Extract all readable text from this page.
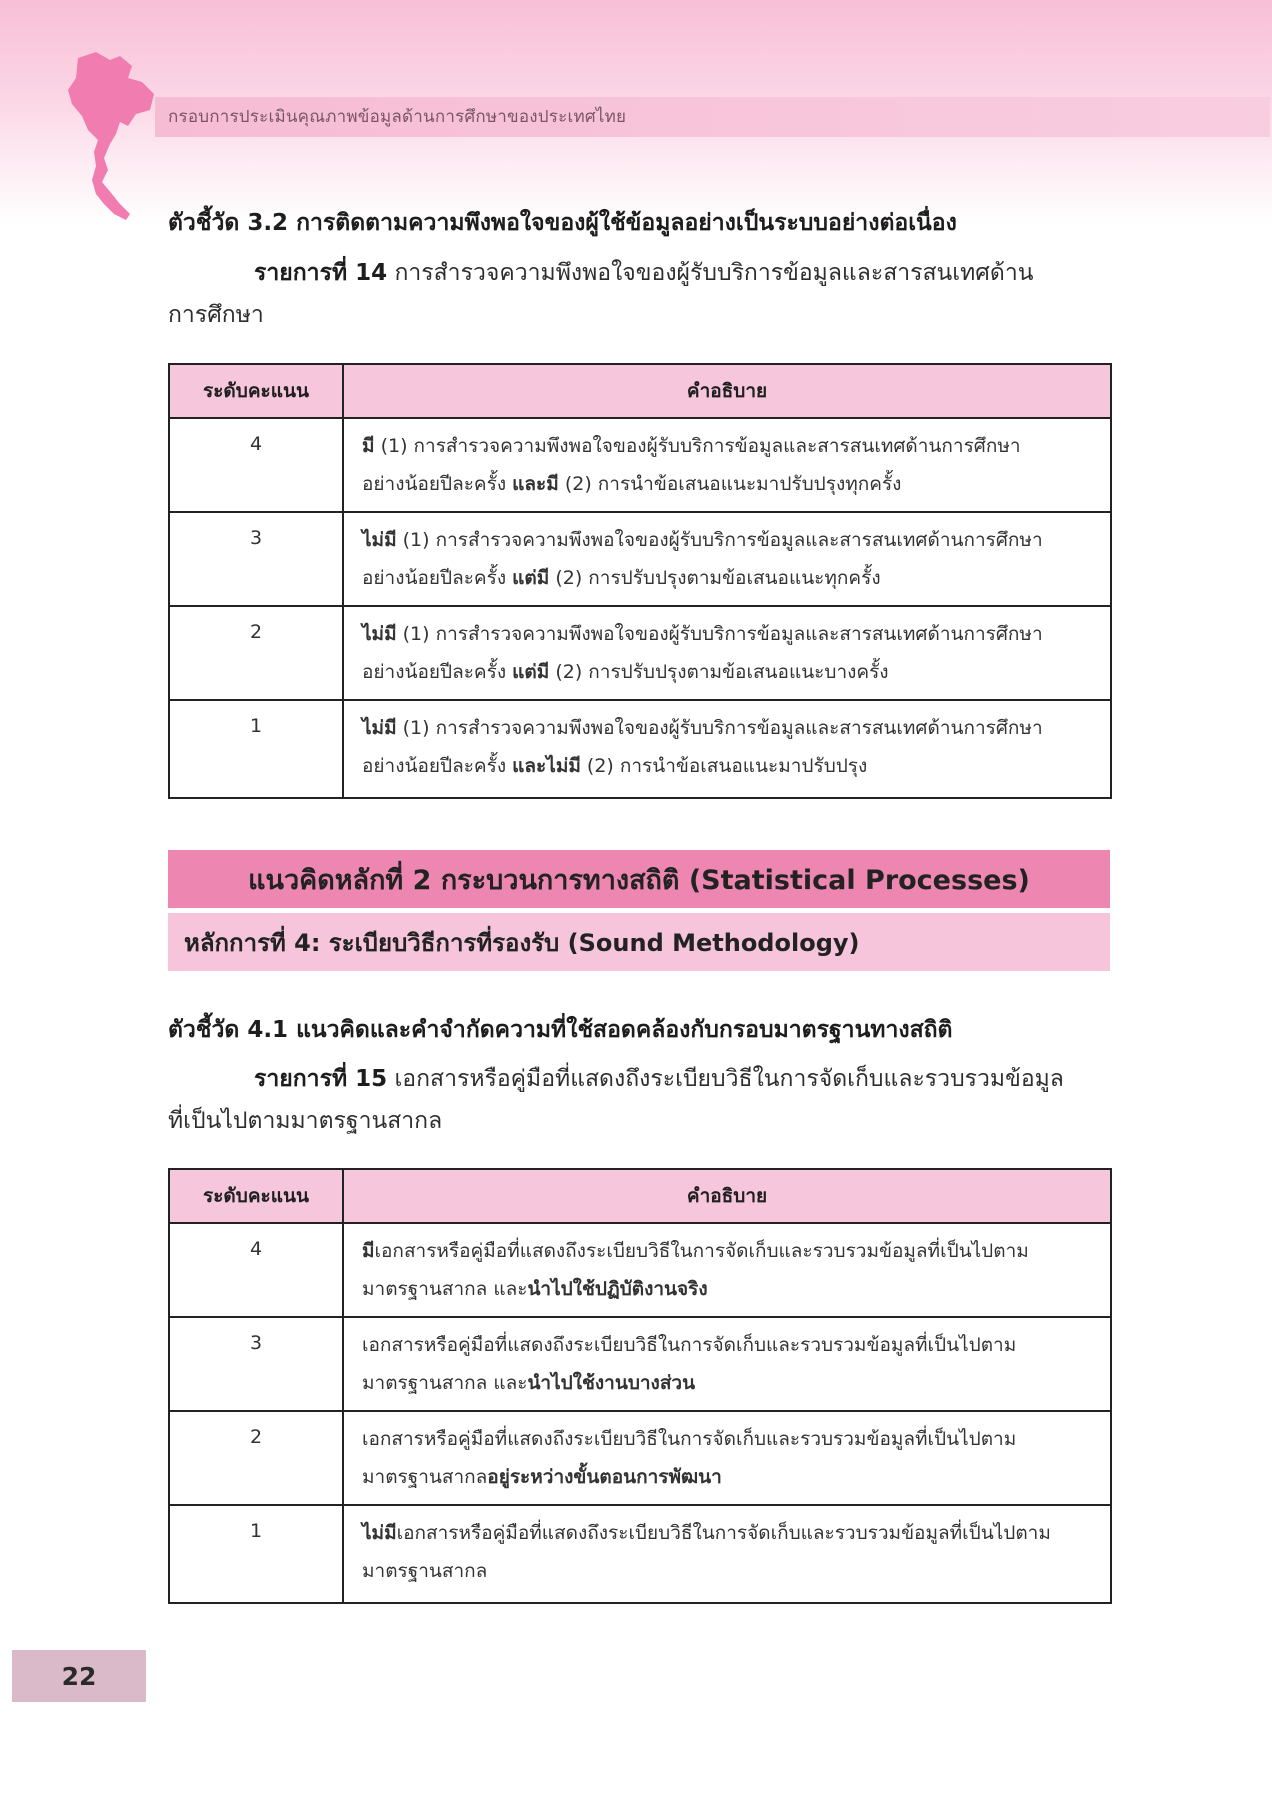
กรอบการประเมินคุณภาพข้อมูลด้านการศึกษาของประเทศไทย
ตัวชี้วัด 3.2 การติดตามความพึงพอใจของผู้ใช้ข้อมูลอย่างเป็นระบบอย่างต่อเนื่อง
รายการที่ 14 การสำรวจความพึงพอใจของผู้รับบริการข้อมูลและสารสนเทศด้าน
การศึกษา
ระดับคะแนน	คำอธิบาย
4	มี (1) การสำรวจความพึงพอใจของผู้รับบริการข้อมูลและสารสนเทศด้านการศึกษา
อย่างน้อยปีละครั้ง และมี (2) การนำข้อเสนอแนะมาปรับปรุงทุกครั้ง
3	ไม่มี (1) การสำรวจความพึงพอใจของผู้รับบริการข้อมูลและสารสนเทศด้านการศึกษา
อย่างน้อยปีละครั้ง แต่มี (2) การปรับปรุงตามข้อเสนอแนะทุกครั้ง
2	ไม่มี (1) การสำรวจความพึงพอใจของผู้รับบริการข้อมูลและสารสนเทศด้านการศึกษา
อย่างน้อยปีละครั้ง แต่มี (2) การปรับปรุงตามข้อเสนอแนะบางครั้ง
1	ไม่มี (1) การสำรวจความพึงพอใจของผู้รับบริการข้อมูลและสารสนเทศด้านการศึกษา
อย่างน้อยปีละครั้ง และไม่มี (2) การนำข้อเสนอแนะมาปรับปรุง
แนวคิดหลักที่ 2 กระบวนการทางสถิติ (Statistical Processes)
หลักการที่ 4: ระเบียบวิธีการที่รองรับ (Sound Methodology)
ตัวชี้วัด 4.1 แนวคิดและคำจำกัดความที่ใช้สอดคล้องกับกรอบมาตรฐานทางสถิติ
รายการที่ 15 เอกสารหรือคู่มือที่แสดงถึงระเบียบวิธีในการจัดเก็บและรวบรวมข้อมูล
ที่เป็นไปตามมาตรฐานสากล
ระดับคะแนน	คำอธิบาย
4	มีเอกสารหรือคู่มือที่แสดงถึงระเบียบวิธีในการจัดเก็บและรวบรวมข้อมูลที่เป็นไปตาม
มาตรฐานสากล และนำไปใช้ปฏิบัติงานจริง
3	เอกสารหรือคู่มือที่แสดงถึงระเบียบวิธีในการจัดเก็บและรวบรวมข้อมูลที่เป็นไปตาม
มาตรฐานสากล และนำไปใช้งานบางส่วน
2	เอกสารหรือคู่มือที่แสดงถึงระเบียบวิธีในการจัดเก็บและรวบรวมข้อมูลที่เป็นไปตาม
มาตรฐานสากลอยู่ระหว่างขั้นตอนการพัฒนา
1	ไม่มีเอกสารหรือคู่มือที่แสดงถึงระเบียบวิธีในการจัดเก็บและรวบรวมข้อมูลที่เป็นไปตาม
มาตรฐานสากล
22
